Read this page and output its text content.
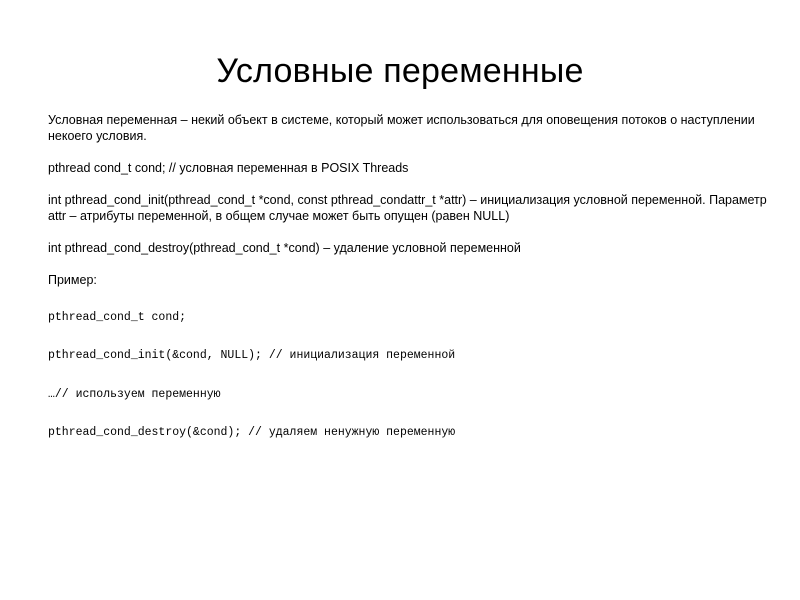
Условные переменные

Условная переменная – некий объект в системе, который может использоваться для оповещения потоков о наступлении некоего условия.

pthread cond_t cond; // условная переменная в POSIX Threads

int pthread_cond_init(pthread_cond_t *cond, const pthread_condattr_t *attr) – инициализация условной переменной. Параметр attr – атрибуты переменной, в общем случае может быть опущен (равен NULL)

int pthread_cond_destroy(pthread_cond_t *cond) – удаление условной переменной

Пример:

pthread_cond_t cond;

pthread_cond_init(&cond, NULL); // инициализация переменной

…// используем переменную

pthread_cond_destroy(&cond); // удаляем ненужную переменную
